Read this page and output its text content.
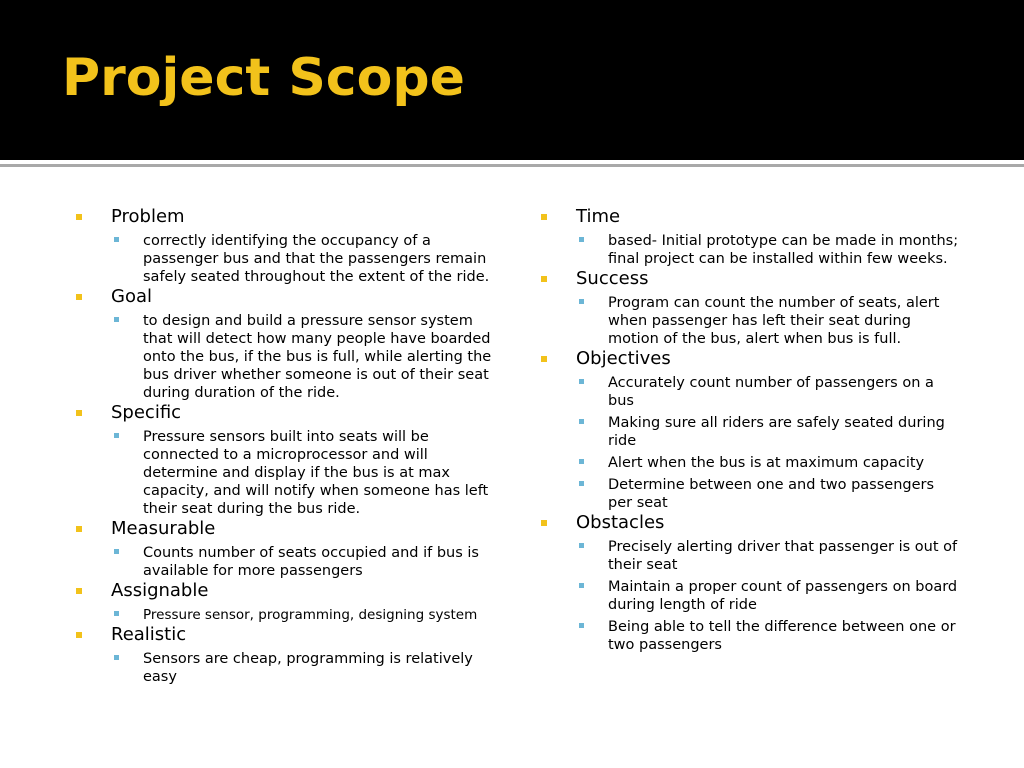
Project Scope
Problem
correctly identifying the occupancy of a passenger bus and that the passengers remain safely seated throughout the extent of the ride.
Goal
to design and build a pressure sensor system that will detect how many people have boarded onto the bus, if the bus is full, while alerting the bus driver whether someone is out of their seat during duration of the ride.
Specific
Pressure sensors built into seats will be connected to a microprocessor and will determine and display if the bus is at max capacity, and will notify when someone has left their seat during the bus ride.
Measurable
Counts number of seats occupied and if bus is available for more passengers
Assignable
Pressure sensor, programming, designing system
Realistic
Sensors are cheap, programming is relatively easy
Time
based- Initial prototype can be made in months; final project can be installed within few weeks.
Success
Program can count the number of seats, alert when passenger has left their seat during motion of the bus, alert when bus is full.
Objectives
Accurately count number of passengers on a bus
Making sure all riders are safely seated during ride
Alert when the bus is at maximum capacity
Determine between one and two passengers per seat
Obstacles
Precisely alerting driver that passenger is out of their seat
Maintain a proper count of passengers on board during length of ride
Being able to tell the difference between one or two passengers
